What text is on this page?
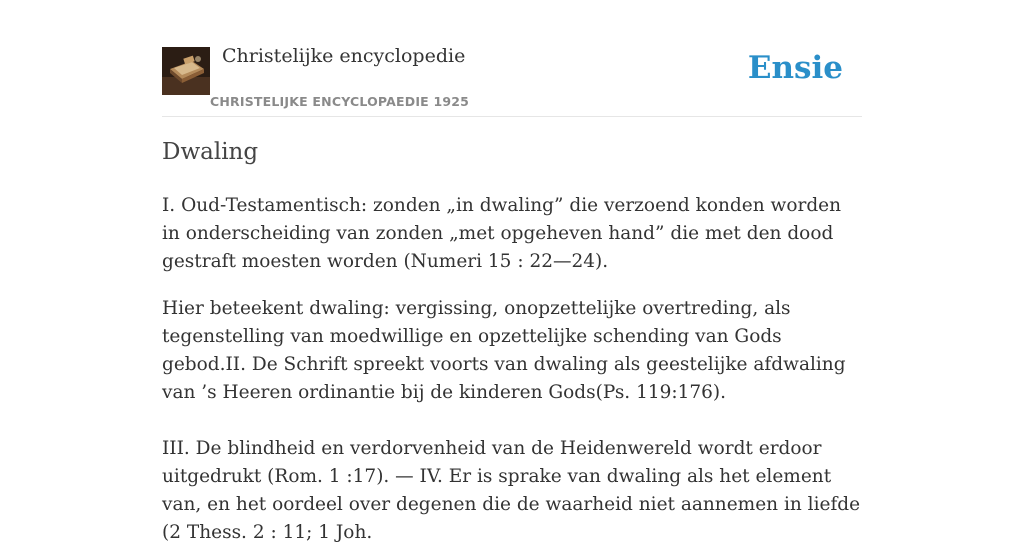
Christelijke encyclopedie
CHRISTELIJKE ENCYCLOPAEDIE 1925
Ensie
Dwaling

I. Oud-Testamentisch: zonden „in dwaling” die verzoend konden worden in onderscheiding van zonden „met opgeheven hand” die met den dood gestraft moesten worden (Numeri 15 : 22—24).

Hier beteekent dwaling: vergissing, onopzettelijke overtreding, als tegenstelling van moedwillige en opzettelijke schending van Gods gebod.II. De Schrift spreekt voorts van dwaling als geestelijke afdwaling van ’s Heeren ordinantie bij de kinderen Gods(Ps. 119:176).

III. De blindheid en verdorvenheid van de Heidenwereld wordt erdoor uitgedrukt (Rom. 1 :17). — IV. Er is sprake van dwaling als het element van, en het oordeel over degenen die de waarheid niet aannemen in liefde (2 Thess. 2 : 11; 1 Joh.
